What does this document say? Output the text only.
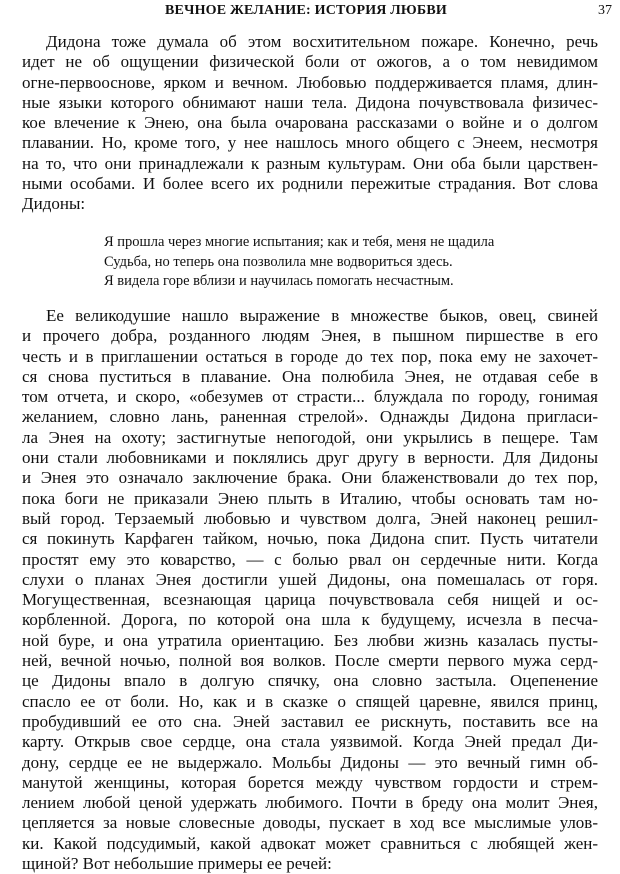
ВЕЧНОЕ ЖЕЛАНИЕ: ИСТОРИЯ ЛЮБВИ	37
Дидона тоже думала об этом восхитительном пожаре. Конечно, речь
идет не об ощущении физической боли от ожогов, а о том невидимом
огне-первооснове, ярком и вечном. Любовью поддерживается пламя, длин-
ные языки которого обнимают наши тела. Дидона почувствовала физичес-
кое влечение к Энею, она была очарована рассказами о войне и о долгом
плавании. Но, кроме того, у нее нашлось много общего с Энеем, несмотря
на то, что они принадлежали к разным культурам. Они оба были царствен-
ными особами. И более всего их роднили пережитые страдания. Вот слова
Дидоны:
Я прошла через многие испытания; как и тебя, меня не щадила
Судьба, но теперь она позволила мне водвориться здесь.
Я видела горе вблизи и научилась помогать несчастным.
Ее великодушие нашло выражение в множестве быков, овец, свиней
и прочего добра, розданного людям Энея, в пышном пиршестве в его
честь и в приглашении остаться в городе до тех пор, пока ему не захочет-
ся снова пуститься в плавание. Она полюбила Энея, не отдавая себе в
том отчета, и скоро, «обезумев от страсти... блуждала по городу, гонимая
желанием, словно лань, раненная стрелой». Однажды Дидона пригласи-
ла Энея на охоту; застигнутые непогодой, они укрылись в пещере. Там
они стали любовниками и поклялись друг другу в верности. Для Дидоны
и Энея это означало заключение брака. Они блаженствовали до тех пор,
пока боги не приказали Энею плыть в Италию, чтобы основать там но-
вый город. Терзаемый любовью и чувством долга, Эней наконец решил-
ся покинуть Карфаген тайком, ночью, пока Дидона спит. Пусть читатели
простят ему это коварство, — с болью рвал он сердечные нити. Когда
слухи о планах Энея достигли ушей Дидоны, она помешалась от горя.
Могущественная, всезнающая царица почувствовала себя нищей и ос-
корбленной. Дорога, по которой она шла к будущему, исчезла в песча-
ной буре, и она утратила ориентацию. Без любви жизнь казалась пусты-
ней, вечной ночью, полной воя волков. После смерти первого мужа серд-
це Дидоны впало в долгую спячку, она словно застыла. Оцепенение
спасло ее от боли. Но, как и в сказке о спящей царевне, явился принц,
пробудивший ее ото сна. Эней заставил ее рискнуть, поставить все на
карту. Открыв свое сердце, она стала уязвимой. Когда Эней предал Ди-
дону, сердце ее не выдержало. Мольбы Дидоны — это вечный гимн об-
манутой женщины, которая борется между чувством гордости и стрем-
лением любой ценой удержать любимого. Почти в бреду она молит Энея,
цепляется за новые словесные доводы, пускает в ход все мыслимые улов-
ки. Какой подсудимый, какой адвокат может сравниться с любящей жен-
щиной? Вот небольшие примеры ее речей:
